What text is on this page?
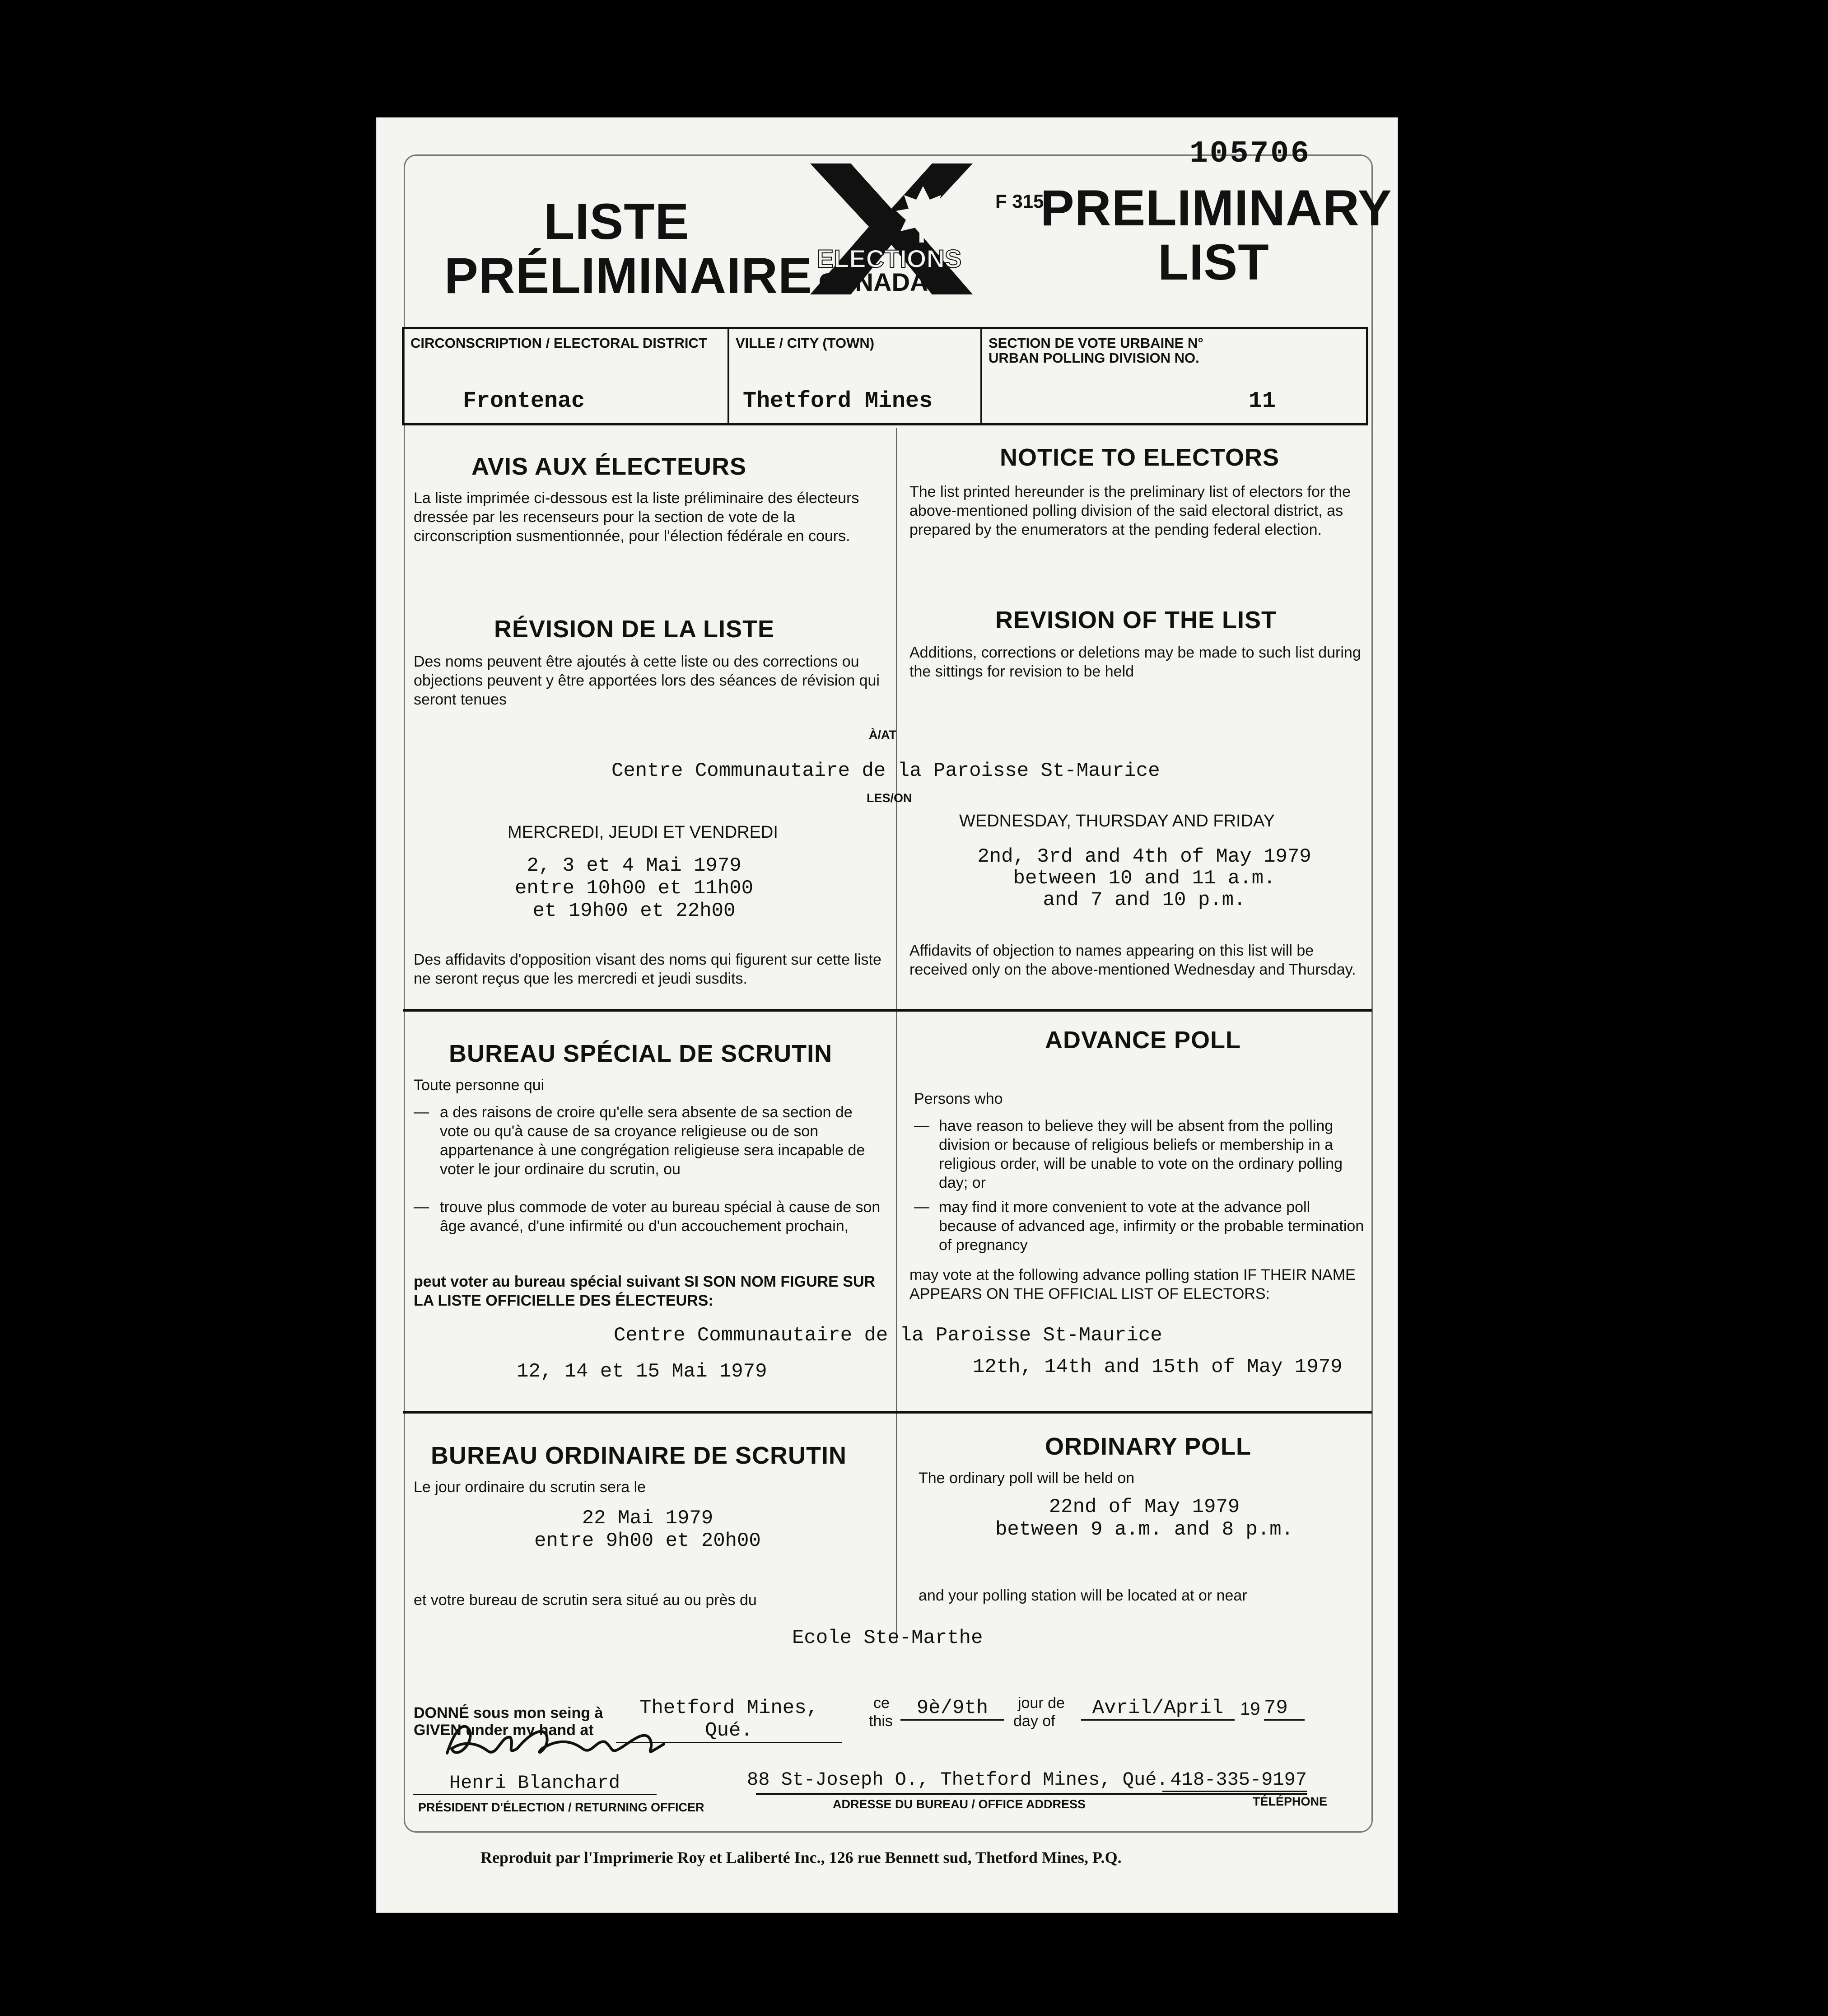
105706
LISTE
PRÉLIMINAIRE ELECTIONS
CANADA
F 315
PRELIMINARY
LIST
CIRCONSCRIPTION / ELECTORAL DISTRICT
Frontenac
VILLE / CITY (TOWN)
Thetford Mines
SECTION DE VOTE URBAINE N°
URBAN POLLING DIVISION NO.
11
AVIS AUX ÉLECTEURS
La liste imprimée ci-dessous est la liste préliminaire des électeurs dressée par les recenseurs pour la section de vote de la circonscription susmentionnée, pour l'élection fédérale en cours.
NOTICE TO ELECTORS
The list printed hereunder is the preliminary list of electors for the above-mentioned polling division of the said electoral district, as prepared by the enumerators at the pending federal election.
RÉVISION DE LA LISTE
Des noms peuvent être ajoutés à cette liste ou des corrections ou objections peuvent y être apportées lors des séances de révision qui seront tenues
REVISION OF THE LIST
Additions, corrections or deletions may be made to such list during the sittings for revision to be held
À/AT
Centre Communautaire de la Paroisse St-Maurice
LES/ON
MERCREDI, JEUDI ET VENDREDI
WEDNESDAY, THURSDAY AND FRIDAY
2, 3 et 4 Mai 1979
entre 10h00 et 11h00
et 19h00 et 22h00
2nd, 3rd and 4th of May 1979
between 10 and 11 a.m.
and 7 and 10 p.m.
Des affidavits d'opposition visant des noms qui figurent sur cette liste ne seront reçus que les mercredi et jeudi susdits.
Affidavits of objection to names appearing on this list will be received only on the above-mentioned Wednesday and Thursday.
BUREAU SPÉCIAL DE SCRUTIN
Toute personne qui
— a des raisons de croire qu'elle sera absente de sa section de vote ou qu'à cause de sa croyance religieuse ou de son appartenance à une congrégation religieuse sera incapable de voter le jour ordinaire du scrutin, ou
— trouve plus commode de voter au bureau spécial à cause de son âge avancé, d'une infirmité ou d'un accouchement prochain,
peut voter au bureau spécial suivant SI SON NOM FIGURE SUR LA LISTE OFFICIELLE DES ÉLECTEURS:
ADVANCE POLL
Persons who
— have reason to believe they will be absent from the polling division or because of religious beliefs or membership in a religious order, will be unable to vote on the ordinary polling day; or
— may find it more convenient to vote at the advance poll because of advanced age, infirmity or the probable termination of pregnancy
may vote at the following advance polling station IF THEIR NAME APPEARS ON THE OFFICIAL LIST OF ELECTORS:
Centre Communautaire de la Paroisse St-Maurice
12, 14 et 15 Mai 1979	12th, 14th and 15th of May 1979
BUREAU ORDINAIRE DE SCRUTIN
Le jour ordinaire du scrutin sera le
22 Mai 1979
entre 9h00 et 20h00
ORDINARY POLL
The ordinary poll will be held on
22nd of May 1979
between 9 a.m. and 8 p.m.
et votre bureau de scrutin sera situé au ou près du	and your polling station will be located at or near
Ecole Ste-Marthe
DONNÉ sous mon seing à
GIVEN under my hand at
Thetford Mines, Qué.
ce
this
9è/9th	jour de
day of
Avril/April 19 79
Henri Blanchard	88 St-Joseph O., Thetford Mines, Qué. 418-335-9197
PRÉSIDENT D'ÉLECTION / RETURNING OFFICER	ADRESSE DU BUREAU / OFFICE ADDRESS	TÉLÉPHONE
Reproduit par l'Imprimerie Roy et Laliberté Inc., 126 rue Bennett sud, Thetford Mines, P.Q.
